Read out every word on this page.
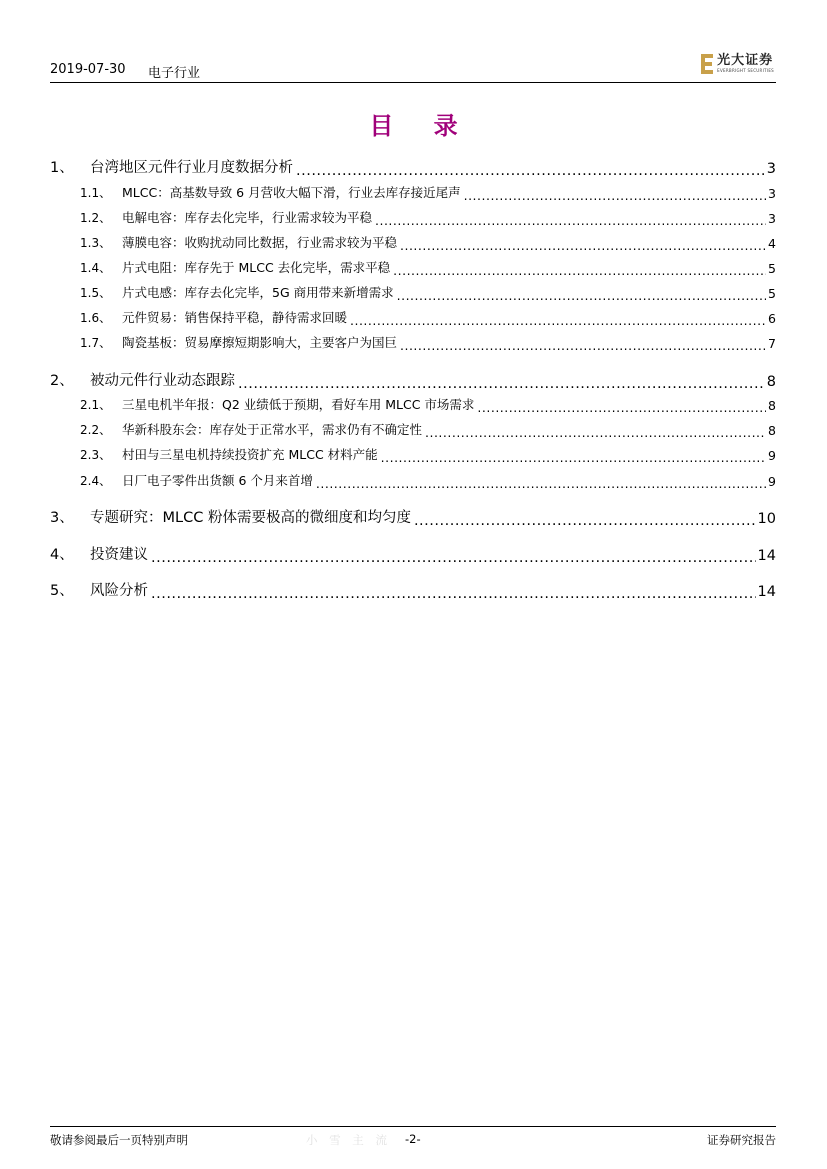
2019-07-30 电子行业
光大证券
EVERBRIGHT SECURITIES
目 录
1、	台湾地区元件行业月度数据分析 .....	3
1.1、 MLCC：高基数导致 6 月营收大幅下滑，行业去库存接近尾声 .....	3
1.2、 电解电容：库存去化完毕，行业需求较为平稳 .....	3
1.3、 薄膜电容：收购扰动同比数据，行业需求较为平稳 .....	4
1.4、 片式电阻：库存先于 MLCC 去化完毕，需求平稳 .....	5
1.5、 片式电感：库存去化完毕，5G 商用带来新增需求 .....	5
1.6、 元件贸易：销售保持平稳，静待需求回暖 .....	6
1.7、 陶瓷基板：贸易摩擦短期影响大，主要客户为国巨 .....	7
2、	被动元件行业动态跟踪 .....	8
2.1、 三星电机半年报：Q2 业绩低于预期，看好车用 MLCC 市场需求 .....	8
2.2、 华新科股东会：库存处于正常水平，需求仍有不确定性 .....	8
2.3、 村田与三星电机持续投资扩充 MLCC 材料产能 .....	9
2.4、 日厂电子零件出货额 6 个月来首增 .....	9
3、	专题研究：MLCC 粉体需要极高的微细度和均匀度 .....	10
4、	投资建议 .....	14
5、	风险分析 .....	14
敬请参阅最后一页特别声明	小 雪 主 流 -2-	证券研究报告
